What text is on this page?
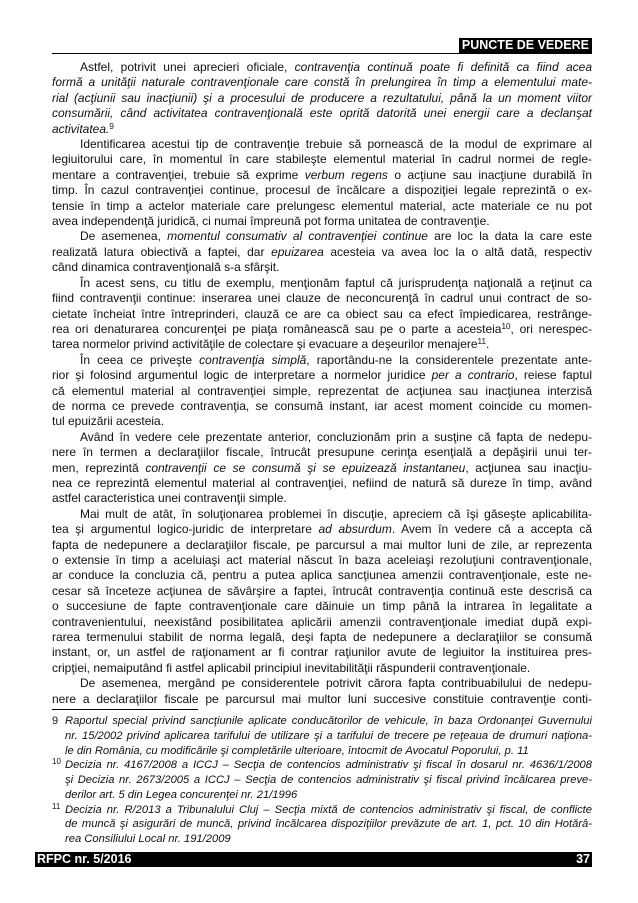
PUNCTE DE VEDERE
Astfel, potrivit unei aprecieri oficiale, contravenţia continuă poate fi definită ca fiind acea
formă a unităţii naturale contravenţionale care constă în prelungirea în timp a elementului mate-
rial (acţiunii sau inacţiunii) şi a procesului de producere a rezultatului, până la un moment viitor
consumării, când activitatea contravenţională este oprită datorită unei energii care a declanşat
activitatea.$^9$
Identificarea acestui tip de contravenţie trebuie să pornească de la modul de exprimare al
legiuitorului care, în momentul în care stabileşte elementul material în cadrul normei de regle-
mentare a contravenţiei, trebuie să exprime verbum regens o acţiune sau inacţiune durabilă în
timp. În cazul contravenţiei continue, procesul de încălcare a dispoziţiei legale reprezintă o ex-
tensie în timp a actelor materiale care prelungesc elementul material, acte materiale ce nu pot
avea independenţă juridică, ci numai împreună pot forma unitatea de contravenţie.
De asemenea, momentul consumativ al contravenţiei continue are loc la data la care este
realizată latura obiectivă a faptei, dar epuizarea acesteia va avea loc la o altă dată, respectiv
când dinamica contravenţională s-a sfârşit.
În acest sens, cu titlu de exemplu, menţionăm faptul că jurisprudenţa naţională a reţinut ca
fiind contravenţii continue: inserarea unei clauze de neconcurenţă în cadrul unui contract de so-
cietate încheiat între întreprinderi, clauză ce are ca obiect sau ca efect împiedicarea, restrânge-
rea ori denaturarea concurenţei pe piaţa românească sau pe o parte a acesteia$^{10}$, ori nerespec-
tarea normelor privind activităţile de colectare şi evacuare a deşeurilor menajere$^{11}$.
În ceea ce priveşte contravenţia simplă, raportându-ne la considerentele prezentate ante-
rior şi folosind argumentul logic de interpretare a normelor juridice per a contrario, reiese faptul
că elementul material al contravenţiei simple, reprezentat de acţiunea sau inacţiunea interzisă
de norma ce prevede contravenţia, se consumă instant, iar acest moment coincide cu momen-
tul epuizării acesteia.
Având în vedere cele prezentate anterior, concluzionăm prin a susţine că fapta de nedepu-
nere în termen a declaraţiilor fiscale, întrucât presupune cerinţa esenţială a depăşirii unui ter-
men, reprezintă contravenţii ce se consumă şi se epuizează instantaneu, acţiunea sau inacţiu-
nea ce reprezintă elementul material al contravenţiei, nefiind de natură să dureze în timp, având
astfel caracteristica unei contravenţii simple.
Mai mult de atât, în soluţionarea problemei în discuţie, apreciem că îşi găseşte aplicabilita-
tea şi argumentul logico-juridic de interpretare ad absurdum. Avem în vedere că a accepta că
fapta de nedepunere a declaraţiilor fiscale, pe parcursul a mai multor luni de zile, ar reprezenta
o extensie în timp a aceluiaşi act material născut în baza aceleiaşi rezoluţiuni contravenţionale,
ar conduce la concluzia că, pentru a putea aplica sancţiunea amenzii contravenţionale, este ne-
cesar să înceteze acţiunea de săvârşire a faptei, întrucât contravenţia continuă este descrisă ca
o succesiune de fapte contravenţionale care dăinuie un timp până la intrarea în legalitate a
contravenientului, neexistând posibilitatea aplicării amenzii contravenţionale imediat după expi-
rarea termenului stabilit de norma legală, deşi fapta de nedepunere a declaraţiilor se consumă
instant, or, un astfel de raţionament ar fi contrar raţiunilor avute de legiuitor la instituirea pres-
cripţiei, nemaiputând fi astfel aplicabil principiul inevitabilităţii răspunderii contravenţionale.
De asemenea, mergând pe considerentele potrivit cărora fapta contribuabilului de nedepu-
nere a declaraţiilor fiscale pe parcursul mai multor luni succesive constituie contravenţie conti-
9 Raportul special privind sancţiunile aplicate conducătorilor de vehicule, în baza Ordonanţei Guvernului
nr. 15/2002 privind aplicarea tarifului de utilizare şi a tarifului de trecere pe reţeaua de drumuri naţiona-
le din România, cu modificările şi completările ulterioare, întocmit de Avocatul Poporului, p. 11
10 Decizia nr. 4167/2008 a ICCJ – Secţia de contencios administrativ şi fiscal în dosarul nr. 4636/1/2008
şi Decizia nr. 2673/2005 a ICCJ – Secţia de contencios administrativ şi fiscal privind încălcarea preve-
derilor art. 5 din Legea concurenţei nr. 21/1996
11 Decizia nr. R/2013 a Tribunalului Cluj – Secţia mixtă de contencios administrativ şi fiscal, de conflicte
de muncă şi asigurări de muncă, privind încălcarea dispoziţiilor prevăzute de art. 1, pct. 10 din Hotărâ-
rea Consiliului Local nr. 191/2009
RFPC nr. 5/2016	37
